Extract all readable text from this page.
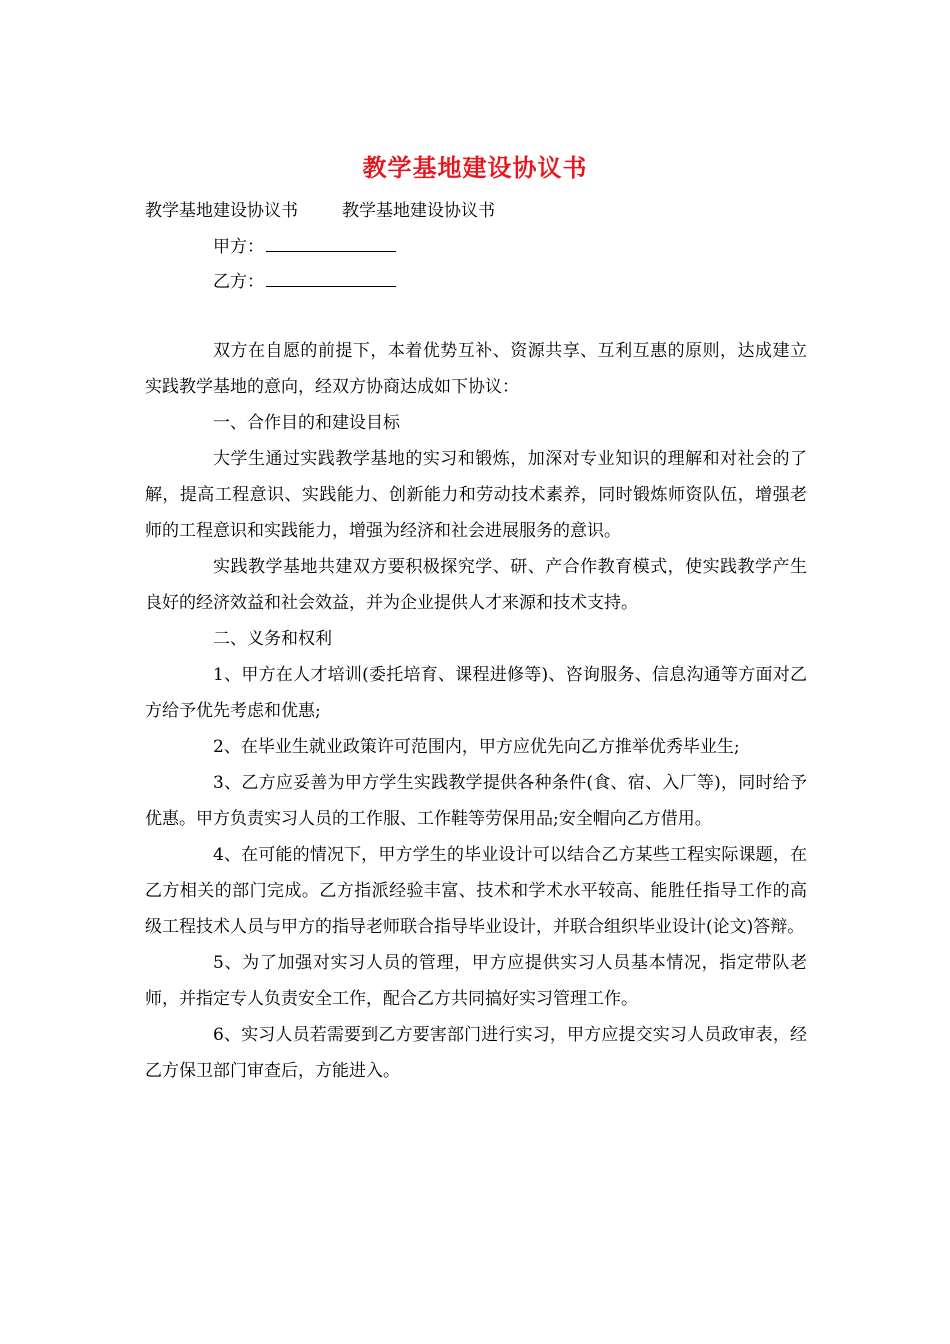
教学基地建设协议书
教学基地建设协议书	教学基地建设协议书
甲方：
乙方：

双方在自愿的前提下，本着优势互补、资源共享、互利互惠的原则，达成建立实践教学基地的意向，经双方协商达成如下协议：

一、合作目的和建设目标

大学生通过实践教学基地的实习和锻炼，加深对专业知识的理解和对社会的了解，提高工程意识、实践能力、创新能力和劳动技术素养，同时锻炼师资队伍，增强老师的工程意识和实践能力，增强为经济和社会进展服务的意识。

实践教学基地共建双方要积极探究学、研、产合作教育模式，使实践教学产生良好的经济效益和社会效益，并为企业提供人才来源和技术支持。

二、义务和权利

1、甲方在人才培训(委托培育、课程进修等)、咨询服务、信息沟通等方面对乙方给予优先考虑和优惠;

2、在毕业生就业政策许可范围内，甲方应优先向乙方推举优秀毕业生;

3、乙方应妥善为甲方学生实践教学提供各种条件(食、宿、入厂等)，同时给予优惠。甲方负责实习人员的工作服、工作鞋等劳保用品;安全帽向乙方借用。

4、在可能的情况下，甲方学生的毕业设计可以结合乙方某些工程实际课题，在乙方相关的部门完成。乙方指派经验丰富、技术和学术水平较高、能胜任指导工作的高级工程技术人员与甲方的指导老师联合指导毕业设计，并联合组织毕业设计(论文)答辩。

5、为了加强对实习人员的管理，甲方应提供实习人员基本情况，指定带队老师，并指定专人负责安全工作，配合乙方共同搞好实习管理工作。

6、实习人员若需要到乙方要害部门进行实习，甲方应提交实习人员政审表，经乙方保卫部门审查后，方能进入。
